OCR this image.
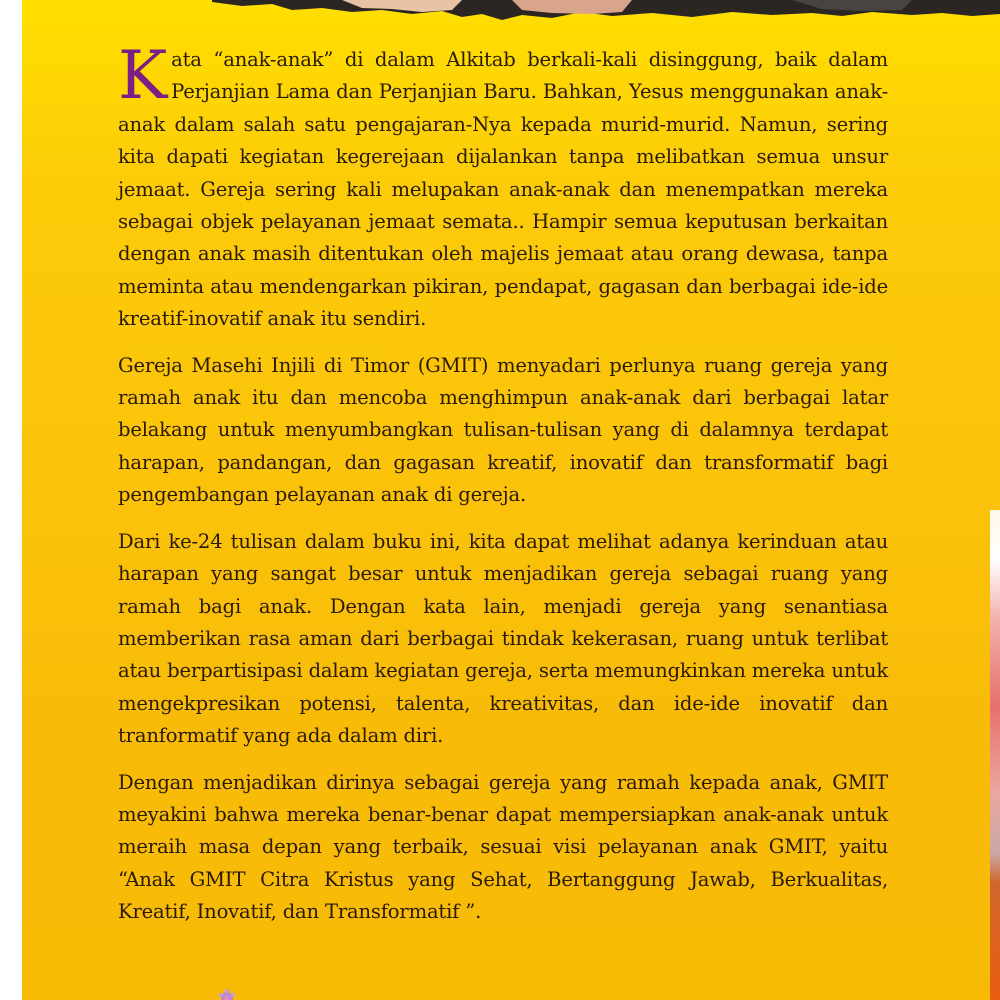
Kata “anak-anak” di dalam Alkitab berkali-kali disinggung, baik dalam Perjanjian Lama dan Perjanjian Baru. Bahkan, Yesus menggunakan anak-anak dalam salah satu pengajaran-Nya kepada murid-murid. Namun, sering kita dapati kegiatan kegerejaan dijalankan tanpa melibatkan semua unsur jemaat. Gereja sering kali melupakan anak-anak dan menempatkan mereka sebagai objek pelayanan jemaat semata.. Hampir semua keputusan berkaitan dengan anak masih ditentukan oleh majelis jemaat atau orang dewasa, tanpa meminta atau mendengarkan pikiran, pendapat, gagasan dan berbagai ide-ide kreatif-inovatif anak itu sendiri.

Gereja Masehi Injili di Timor (GMIT) menyadari perlunya ruang gereja yang ramah anak itu dan mencoba menghimpun anak-anak dari berbagai latar belakang untuk menyumbangkan tulisan-tulisan yang di dalamnya terdapat harapan, pandangan, dan gagasan kreatif, inovatif dan transformatif bagi pengembangan pelayanan anak di gereja.

Dari ke-24 tulisan dalam buku ini, kita dapat melihat adanya kerinduan atau harapan yang sangat besar untuk menjadikan gereja sebagai ruang yang ramah bagi anak. Dengan kata lain, menjadi gereja yang senantiasa memberikan rasa aman dari berbagai tindak kekerasan, ruang untuk terlibat atau berpartisipasi dalam kegiatan gereja, serta memungkinkan mereka untuk mengekpresikan potensi, talenta, kreativitas, dan ide-ide inovatif dan tranformatif yang ada dalam diri.

Dengan menjadikan dirinya sebagai gereja yang ramah kepada anak, GMIT meyakini bahwa mereka benar-benar dapat mempersiapkan anak-anak untuk meraih masa depan yang terbaik, sesuai visi pelayanan anak GMIT, yaitu “Anak GMIT Citra Kristus yang Sehat, Bertanggung Jawab, Berkualitas, Kreatif, Inovatif, dan Transformatif ”.
